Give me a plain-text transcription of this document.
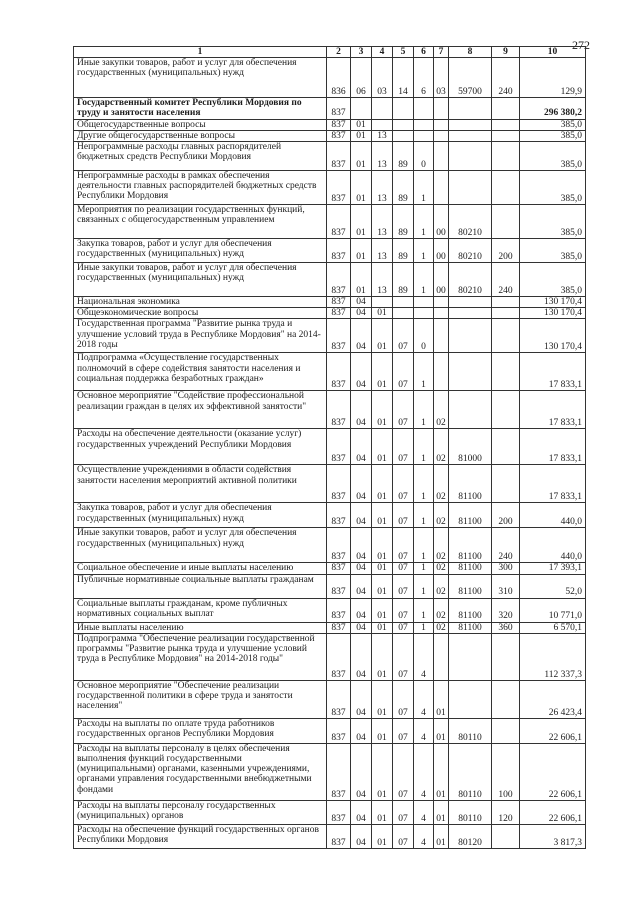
272
1	2	3	4	5	6	7	8	9	10
Иные закупки товаров, работ и услуг для обеспечения государственных (муниципальных) нужд	836	06	03	14	6	03	59700	240	129,9
Государственный комитет Республики Мордовия по труду и занятости населения	837								296 380,2
Общегосударственные вопросы	837	01							385,0
Другие общегосударственные вопросы	837	01	13						385,0
Непрограммные расходы главных распорядителей бюджетных средств Республики Мордовия	837	01	13	89	0				385,0
Непрограммные расходы в рамках обеспечения деятельности главных распорядителей бюджетных средств Республики Мордовия	837	01	13	89	1				385,0
Мероприятия по реализации государственных функций, связанных с общегосударственным управлением	837	01	13	89	1	00	80210		385,0
Закупка товаров, работ и услуг для обеспечения государственных (муниципальных) нужд	837	01	13	89	1	00	80210	200	385,0
Иные закупки товаров, работ и услуг для обеспечения государственных (муниципальных) нужд	837	01	13	89	1	00	80210	240	385,0
Национальная экономика	837	04							130 170,4
Общеэкономические вопросы	837	04	01						130 170,4
Государственная программа "Развитие рынка труда и улучшение условий труда в Республике Мордовия" на 2014-2018 годы	837	04	01	07	0				130 170,4
Подпрограмма «Осуществление государственных полномочий в сфере содействия занятости населения и социальная поддержка безработных граждан»	837	04	01	07	1				17 833,1
Основное мероприятие "Содействие профессиональной реализации граждан в целях их эффективной занятости"	837	04	01	07	1	02			17 833,1
Расходы на обеспечение деятельности (оказание услуг) государственных учреждений Республики Мордовия	837	04	01	07	1	02	81000		17 833,1
Осуществление учреждениями в области содействия занятости населения мероприятий активной политики	837	04	01	07	1	02	81100		17 833,1
Закупка товаров, работ и услуг для обеспечения государственных (муниципальных) нужд	837	04	01	07	1	02	81100	200	440,0
Иные закупки товаров, работ и услуг для обеспечения государственных (муниципальных) нужд	837	04	01	07	1	02	81100	240	440,0
Социальное обеспечение и иные выплаты населению	837	04	01	07	1	02	81100	300	17 393,1
Публичные нормативные социальные выплаты гражданам	837	04	01	07	1	02	81100	310	52,0
Социальные выплаты гражданам, кроме публичных нормативных социальных выплат	837	04	01	07	1	02	81100	320	10 771,0
Иные выплаты населению	837	04	01	07	1	02	81100	360	6 570,1
Подпрограмма "Обеспечение реализации государственной программы "Развитие рынка труда и улучшение условий труда в Республике Мордовия" на 2014-2018 годы"	837	04	01	07	4				112 337,3
Основное мероприятие "Обеспечение реализации государственной политики в сфере труда и занятости населения"	837	04	01	07	4	01			26 423,4
Расходы на выплаты по оплате труда работников государственных органов Республики Мордовия	837	04	01	07	4	01	80110		22 606,1
Расходы на выплаты персоналу в целях обеспечения выполнения функций государственными (муниципальными) органами, казенными учреждениями, органами управления государственными внебюджетными фондами	837	04	01	07	4	01	80110	100	22 606,1
Расходы на выплаты персоналу государственных (муниципальных) органов	837	04	01	07	4	01	80110	120	22 606,1
Расходы на обеспечение функций государственных органов Республики Мордовия	837	04	01	07	4	01	80120		3 817,3
